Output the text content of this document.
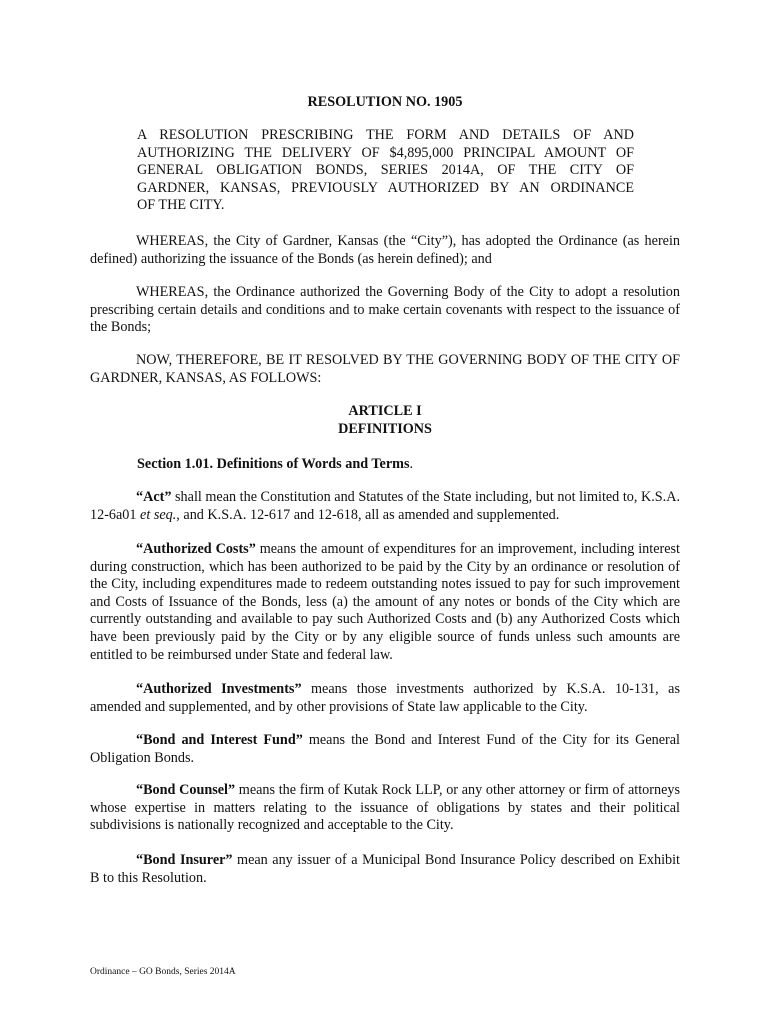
RESOLUTION NO. 1905

A RESOLUTION PRESCRIBING THE FORM AND DETAILS OF AND
AUTHORIZING THE DELIVERY OF $4,895,000 PRINCIPAL AMOUNT OF
GENERAL OBLIGATION BONDS, SERIES 2014A, OF THE CITY OF
GARDNER, KANSAS, PREVIOUSLY AUTHORIZED BY AN ORDINANCE
OF THE CITY.

WHEREAS, the City of Gardner, Kansas (the “City”), has adopted the Ordinance (as herein defined) authorizing the issuance of the Bonds (as herein defined); and

WHEREAS, the Ordinance authorized the Governing Body of the City to adopt a resolution prescribing certain details and conditions and to make certain covenants with respect to the issuance of the Bonds;

NOW, THEREFORE, BE IT RESOLVED BY THE GOVERNING BODY OF THE CITY OF GARDNER, KANSAS, AS FOLLOWS:

ARTICLE I

DEFINITIONS

Section 1.01. Definitions of Words and Terms.

“Act” shall mean the Constitution and Statutes of the State including, but not limited to, K.S.A. 12-6a01 et seq., and K.S.A. 12-617 and 12-618, all as amended and supplemented.

“Authorized Costs” means the amount of expenditures for an improvement, including interest during construction, which has been authorized to be paid by the City by an ordinance or resolution of the City, including expenditures made to redeem outstanding notes issued to pay for such improvement and Costs of Issuance of the Bonds, less (a) the amount of any notes or bonds of the City which are currently outstanding and available to pay such Authorized Costs and (b) any Authorized Costs which have been previously paid by the City or by any eligible source of funds unless such amounts are entitled to be reimbursed under State and federal law.

“Authorized Investments” means those investments authorized by K.S.A. 10-131, as amended and supplemented, and by other provisions of State law applicable to the City.

“Bond and Interest Fund” means the Bond and Interest Fund of the City for its General Obligation Bonds.

“Bond Counsel” means the firm of Kutak Rock LLP, or any other attorney or firm of attorneys whose expertise in matters relating to the issuance of obligations by states and their political subdivisions is nationally recognized and acceptable to the City.

“Bond Insurer” mean any issuer of a Municipal Bond Insurance Policy described on Exhibit B to this Resolution.

Ordinance – GO Bonds, Series 2014A
